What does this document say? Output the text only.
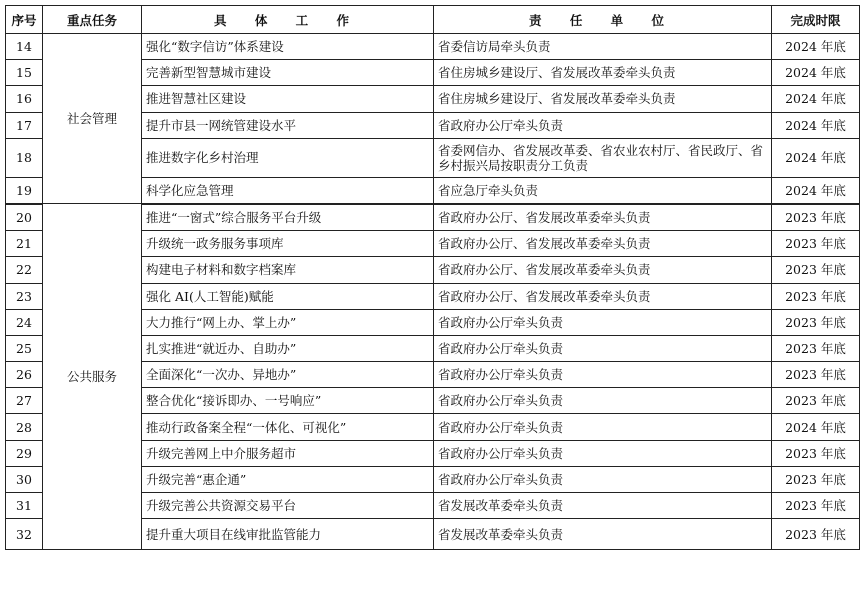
序号	重点任务	具 体 工 作	责 任 单 位	完成时限
14	社会管理	强化“数字信访”体系建设	省委信访局牵头负责	2024 年底
15		完善新型智慧城市建设	省住房城乡建设厅、省发展改革委牵头负责	2024 年底
16		推进智慧社区建设	省住房城乡建设厅、省发展改革委牵头负责	2024 年底
17		提升市县一网统管建设水平	省政府办公厅牵头负责	2024 年底
18		推进数字化乡村治理	省委网信办、省发展改革委、省农业农村厅、省民政厅、省乡村振兴局按职责分工负责	2024 年底
19		科学化应急管理	省应急厅牵头负责	2024 年底
20	公共服务	推进“一窗式”综合服务平台升级	省政府办公厅、省发展改革委牵头负责	2023 年底
21		升级统一政务服务事项库	省政府办公厅、省发展改革委牵头负责	2023 年底
22		构建电子材料和数字档案库	省政府办公厅、省发展改革委牵头负责	2023 年底
23		强化 AI(人工智能)赋能	省政府办公厅、省发展改革委牵头负责	2023 年底
24		大力推行“网上办、掌上办”	省政府办公厅牵头负责	2023 年底
25		扎实推进“就近办、自助办”	省政府办公厅牵头负责	2023 年底
26		全面深化“一次办、异地办”	省政府办公厅牵头负责	2023 年底
27		整合优化“接诉即办、一号响应”	省政府办公厅牵头负责	2023 年底
28		推动行政备案全程“一体化、可视化”	省政府办公厅牵头负责	2024 年底
29		升级完善网上中介服务超市	省政府办公厅牵头负责	2023 年底
30		升级完善“惠企通”	省政府办公厅牵头负责	2023 年底
31		升级完善公共资源交易平台	省发展改革委牵头负责	2023 年底
32		提升重大项目在线审批监管能力	省发展改革委牵头负责	2023 年底
